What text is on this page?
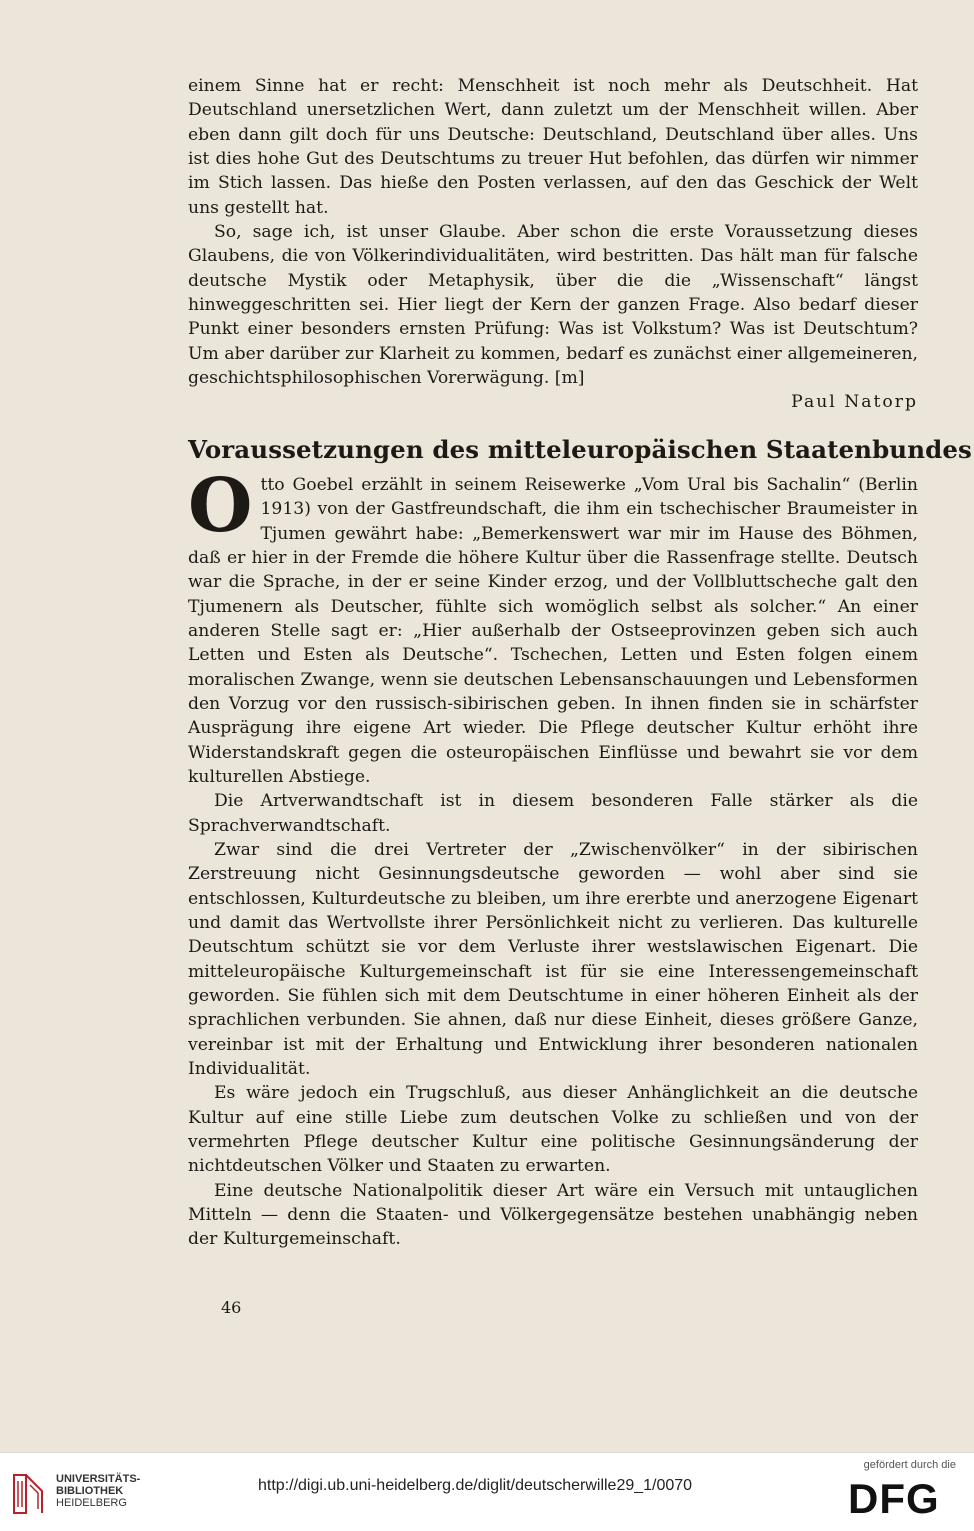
einem Sinne hat er recht: Menschheit ist noch mehr als Deutschheit. Hat Deutschland unersetzlichen Wert, dann zuletzt um der Menschheit willen. Aber eben dann gilt doch für uns Deutsche: Deutschland, Deutschland über alles. Uns ist dies hohe Gut des Deutschtums zu treuer Hut befohlen, das dürfen wir nimmer im Stich lassen. Das hieße den Posten verlassen, auf den das Geschick der Welt uns gestellt hat.

So, sage ich, ist unser Glaube. Aber schon die erste Voraussetzung dieses Glaubens, die von Völkerindividualitäten, wird bestritten. Das hält man für falsche deutsche Mystik oder Metaphysik, über die die „Wissenschaft“ längst hinweggeschritten sei. Hier liegt der Kern der ganzen Frage. Also bedarf dieser Punkt einer besonders ernsten Prüfung: Was ist Volkstum? Was ist Deutschtum? Um aber darüber zur Klarheit zu kommen, bedarf es zunächst einer allgemeineren, geschichtsphilosophischen Vorerwägung. [m]

Paul Natorp

Voraussetzungen des mitteleuropäischen Staatenbundes

Otto Goebel erzählt in seinem Reisewerke „Vom Ural bis Sachalin“ (Berlin 1913) von der Gastfreundschaft, die ihm ein tschechischer Braumeister in Tjumen gewährt habe: „Bemerkenswert war mir im Hause des Böhmen, daß er hier in der Fremde die höhere Kultur über die Rassenfrage stellte. Deutsch war die Sprache, in der er seine Kinder erzog, und der Vollbluttscheche galt den Tjumenern als Deutscher, fühlte sich womöglich selbst als solcher.“ An einer anderen Stelle sagt er: „Hier außerhalb der Ostseeprovinzen geben sich auch Letten und Esten als Deutsche“. Tschechen, Letten und Esten folgen einem moralischen Zwange, wenn sie deutschen Lebensanschauungen und Lebensformen den Vorzug vor den russisch-sibirischen geben. In ihnen finden sie in schärfster Ausprägung ihre eigene Art wieder. Die Pflege deutscher Kultur erhöht ihre Widerstandskraft gegen die osteuropäischen Einflüsse und bewahrt sie vor dem kulturellen Abstiege.

Die Artverwandtschaft ist in diesem besonderen Falle stärker als die Sprachverwandtschaft.

Zwar sind die drei Vertreter der „Zwischenvölker“ in der sibirischen Zerstreuung nicht Gesinnungsdeutsche geworden — wohl aber sind sie entschlossen, Kulturdeutsche zu bleiben, um ihre ererbte und anerzogene Eigenart und damit das Wertvollste ihrer Persönlichkeit nicht zu verlieren. Das kulturelle Deutschtum schützt sie vor dem Verluste ihrer westslawischen Eigenart. Die mitteleuropäische Kulturgemeinschaft ist für sie eine Interessengemeinschaft geworden. Sie fühlen sich mit dem Deutschtume in einer höheren Einheit als der sprachlichen verbunden. Sie ahnen, daß nur diese Einheit, dieses größere Ganze, vereinbar ist mit der Erhaltung und Entwicklung ihrer besonderen nationalen Individualität.

Es wäre jedoch ein Trugschluß, aus dieser Anhänglichkeit an die deutsche Kultur auf eine stille Liebe zum deutschen Volke zu schließen und von der vermehrten Pflege deutscher Kultur eine politische Gesinnungsänderung der nichtdeutschen Völker und Staaten zu erwarten.

Eine deutsche Nationalpolitik dieser Art wäre ein Versuch mit untauglichen Mitteln — denn die Staaten- und Völkergegensätze bestehen unabhängig neben der Kulturgemeinschaft.

46
UNIVERSITÄTS-
BIBLIOTHEK
HEIDELBERG
http://digi.ub.uni-heidelberg.de/diglit/deutscherwille29_1/0070
gefördert durch die
DFG
